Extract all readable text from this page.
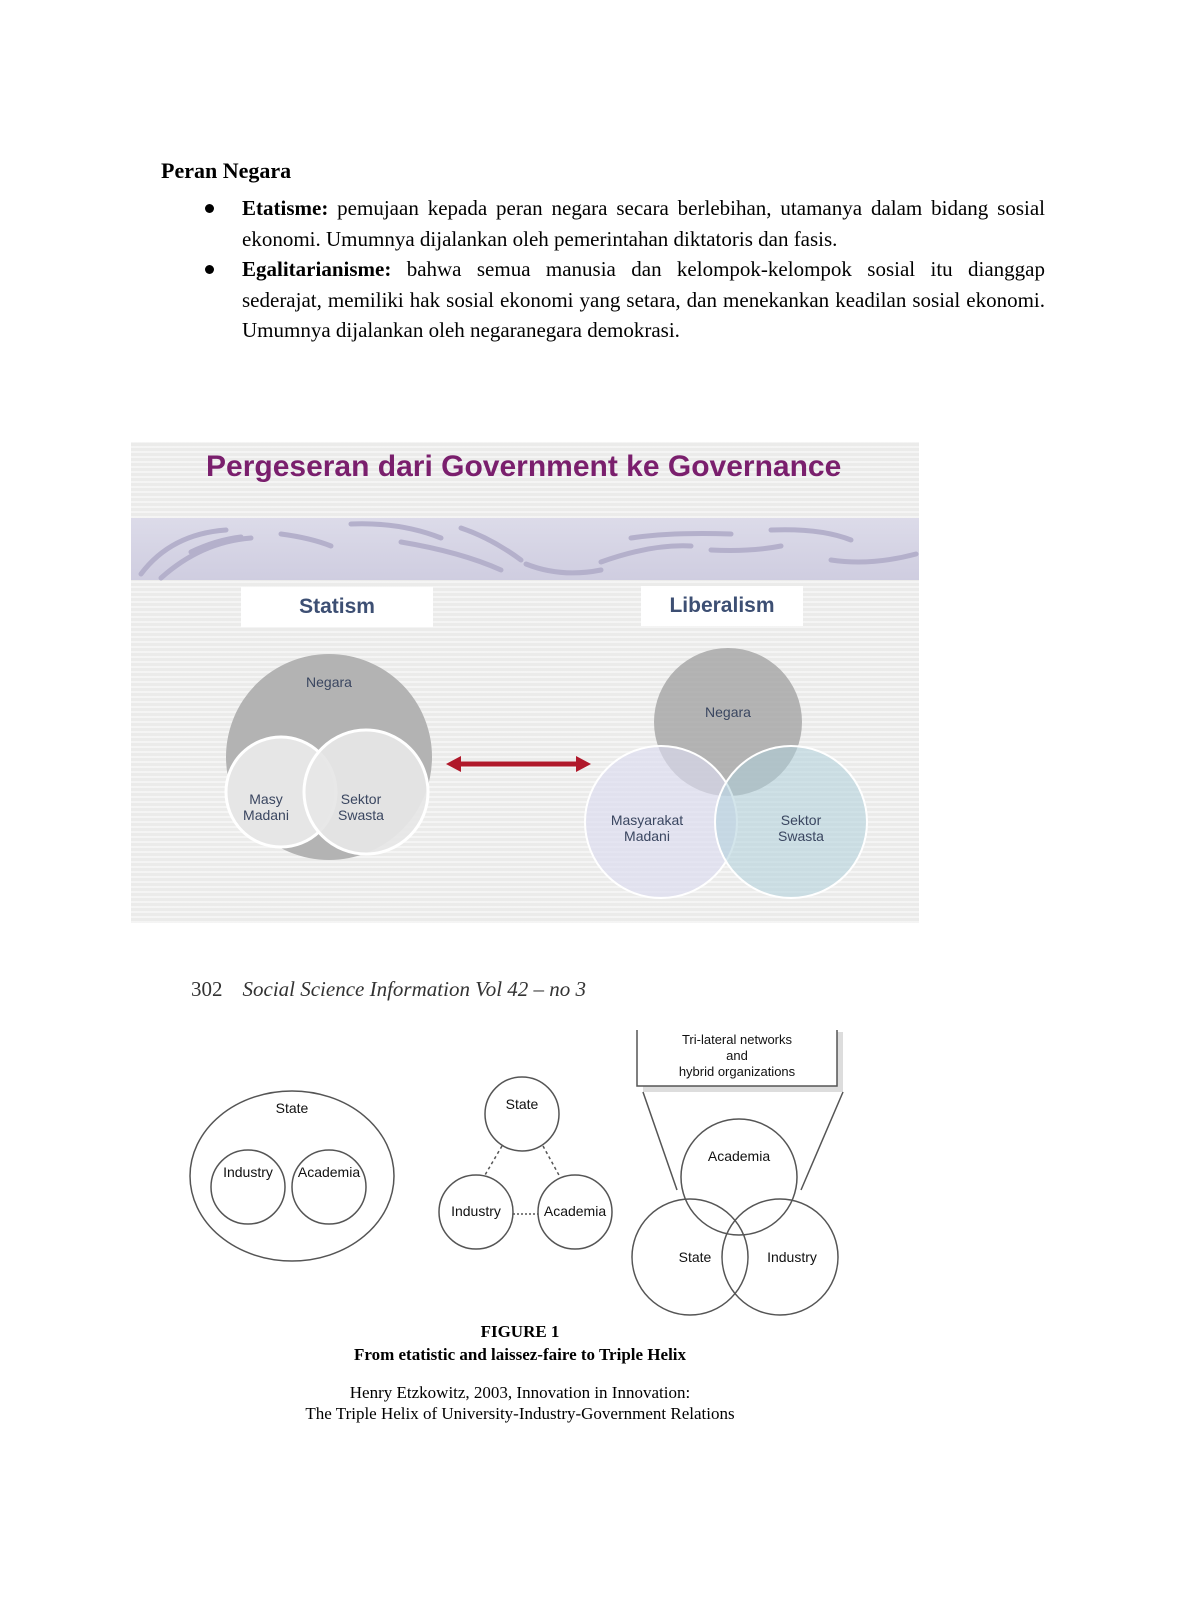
Peran Negara
Etatisme: pemujaan kepada peran negara secara berlebihan, utamanya dalam bidang sosial ekonomi. Umumnya dijalankan oleh pemerintahan diktatoris dan fasis.
Egalitarianisme: bahwa semua manusia dan kelompok-kelompok sosial itu dianggap sederajat, memiliki hak sosial ekonomi yang setara, dan menekankan keadilan sosial ekonomi. Umumnya dijalankan oleh negaranegara demokrasi.
Pergeseran dari Government ke Governance
Statism	Liberalism
Negara
Masy
Madani
Sektor
Swasta
Negara
Masyarakat
Madani
Sektor
Swasta
302 Social Science Information Vol 42 – no 3
State
Industry	Academia
State
Industry	Academia
Tri-lateral networks
and
hybrid organizations
Academia
State	Industry
FIGURE 1
From etatistic and laissez-faire to Triple Helix
Henry Etzkowitz, 2003, Innovation in Innovation:
The Triple Helix of University-Industry-Government Relations
